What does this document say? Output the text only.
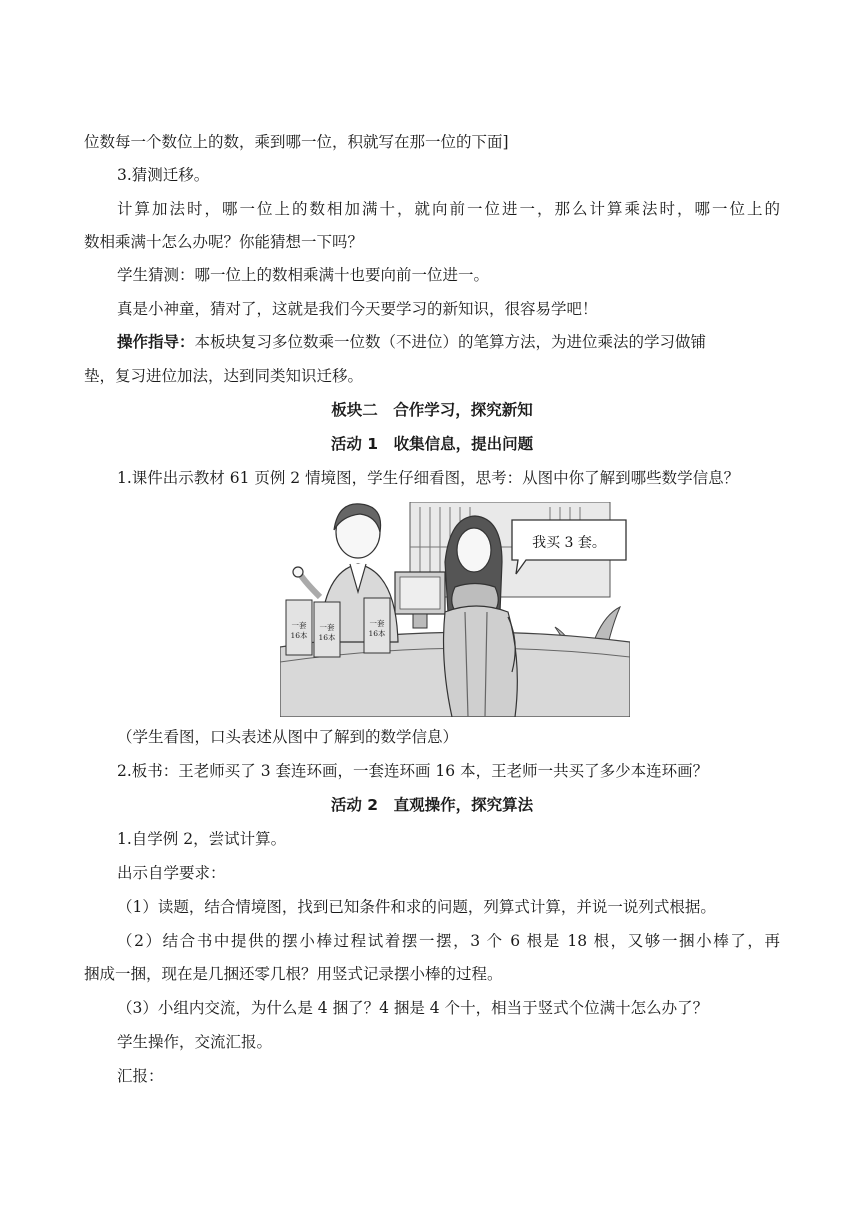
位数每一个数位上的数，乘到哪一位，积就写在那一位的下面]
3.猜测迁移。
计算加法时，哪一位上的数相加满十，就向前一位进一，那么计算乘法时，哪一位上的
数相乘满十怎么办呢？你能猜想一下吗？
学生猜测：哪一位上的数相乘满十也要向前一位进一。
真是小神童，猜对了，这就是我们今天要学习的新知识，很容易学吧！
操作指导：本板块复习多位数乘一位数（不进位）的笔算方法，为进位乘法的学习做铺
垫，复习进位加法，达到同类知识迁移。
板块二　合作学习，探究新知
活动 1　收集信息，提出问题
1.课件出示教材 61 页例 2 情境图，学生仔细看图，思考：从图中你了解到哪些数学信息？
一套
16本
一套
16本
一套
16本
我买 3 套。
（学生看图，口头表述从图中了解到的数学信息）
2.板书：王老师买了 3 套连环画，一套连环画 16 本，王老师一共买了多少本连环画？
活动 2　直观操作，探究算法
1.自学例 2，尝试计算。
出示自学要求：
（1）读题，结合情境图，找到已知条件和求的问题，列算式计算，并说一说列式根据。
（2）结合书中提供的摆小棒过程试着摆一摆，3 个 6 根是 18 根，又够一捆小棒了，再
捆成一捆，现在是几捆还零几根？用竖式记录摆小棒的过程。
（3）小组内交流，为什么是 4 捆了？4 捆是 4 个十，相当于竖式个位满十怎么办了？
学生操作，交流汇报。
汇报：
